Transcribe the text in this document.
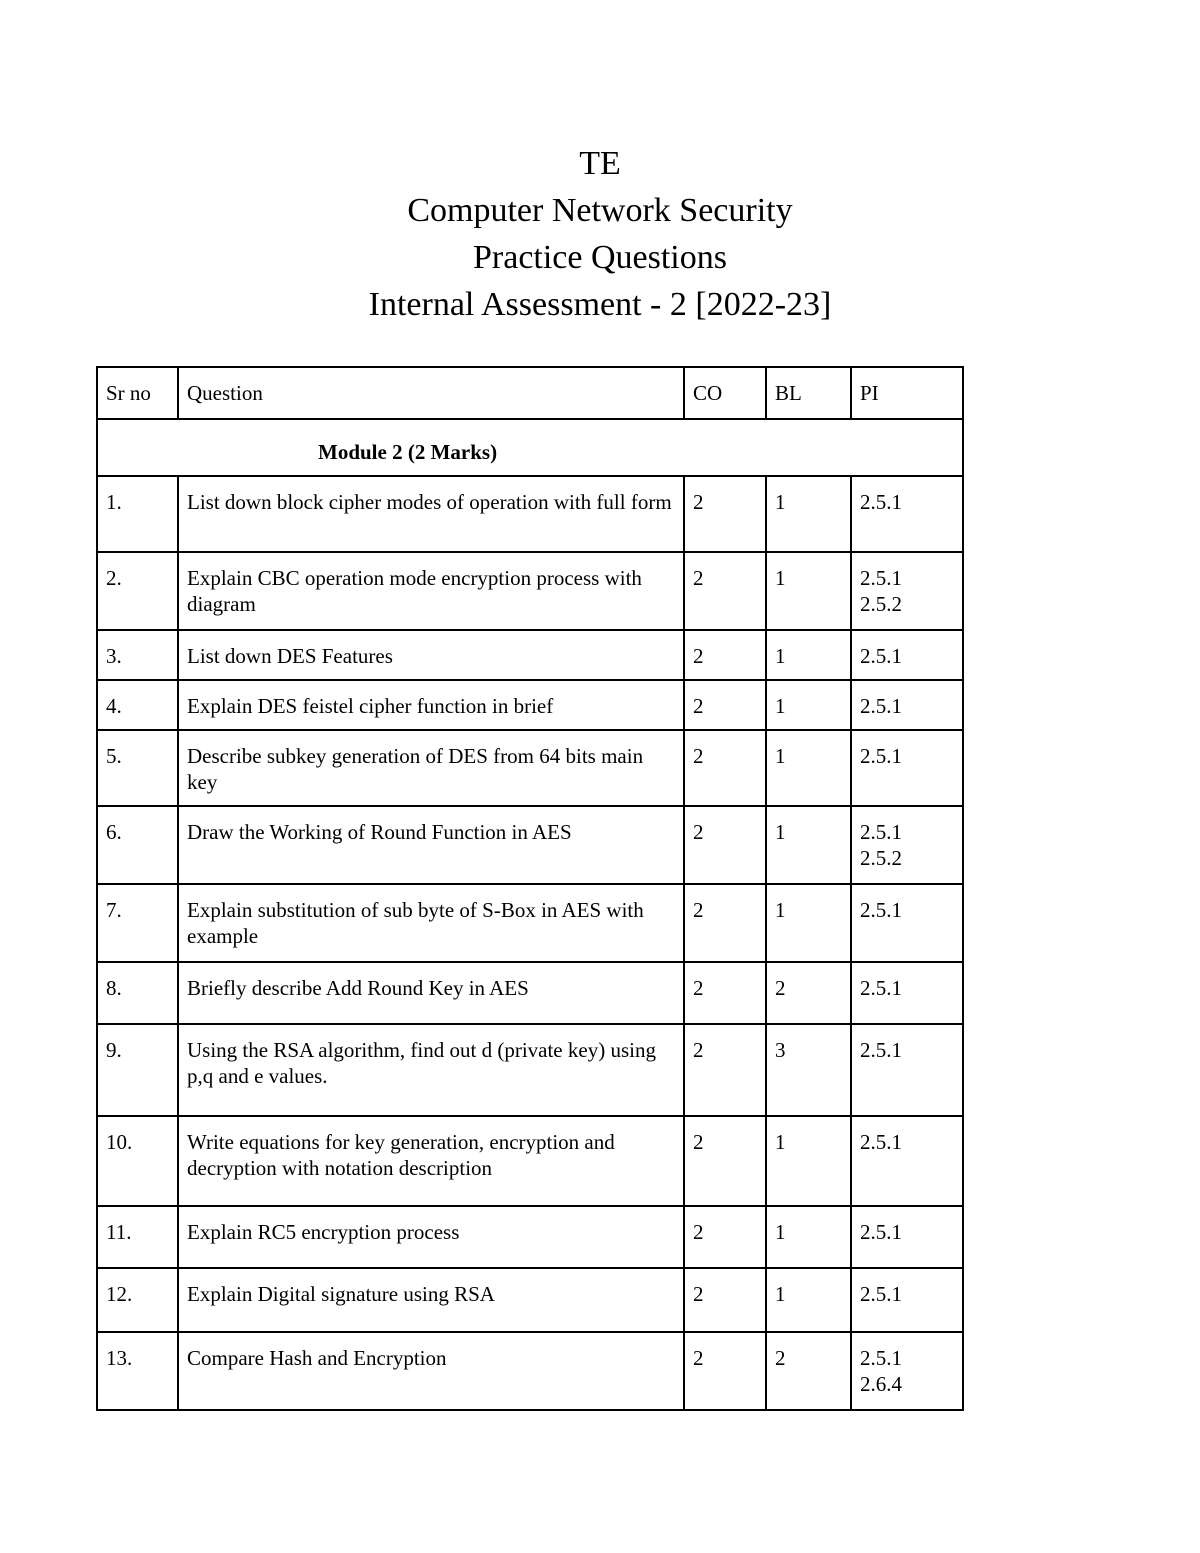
TE
Computer Network Security
Practice Questions
Internal Assessment - 2 [2022-23]
Sr no	Question	CO	BL	PI

Module 2 (2 Marks)				

1.	List down block cipher modes of operation with full form	2	1	2.5.1

2.	Explain CBC operation mode encryption process with diagram	2	1	2.5.1
2.5.2

3.	List down DES Features	2	1	2.5.1

4.	Explain DES feistel cipher function in brief	2	1	2.5.1

5.	Describe subkey generation of DES from 64 bits main key	2	1	2.5.1

6.	Draw the Working of Round Function in AES	2	1	2.5.1
2.5.2

7.	Explain substitution of sub byte of S-Box in AES with example	2	1	2.5.1

8.	Briefly describe Add Round Key in AES	2	2	2.5.1

9.	Using the RSA algorithm, find out d (private key) using p,q and e values.	2	3	2.5.1

10.	Write equations for key generation, encryption and decryption with notation description	2	1	2.5.1

11.	Explain RC5 encryption process	2	1	2.5.1

12.	Explain Digital signature using RSA	2	1	2.5.1

13.	Compare Hash and Encryption	2	2	2.5.1
2.6.4
